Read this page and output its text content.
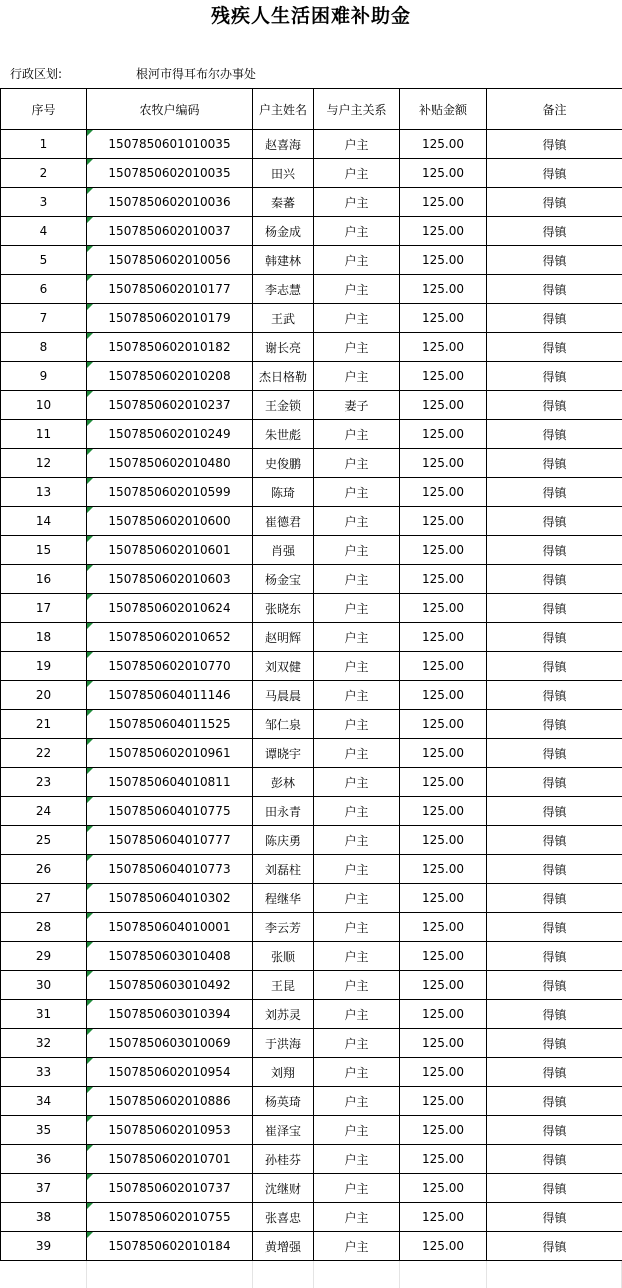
残疾人生活困难补助金
行政区划:	根河市得耳布尔办事处
序号	农牧户编码	户主姓名	与户主关系	补贴金额	备注
1	150785060101​0035	赵喜海	户主	125.00	得镇
2	1507850602010035	田兴	户主	125.00	得镇
3	1507850602010036	秦蕃	户主	125.00	得镇
4	1507850602010037	杨金成	户主	125.00	得镇
5	1507850602010056	韩建林	户主	125.00	得镇
6	1507850602010177	李志慧	户主	125.00	得镇
7	1507850602010179	王武	户主	125.00	得镇
8	1507850602010182	谢长亮	户主	125.00	得镇
9	1507850602010208	杰日格勒	户主	125.00	得镇
10	1507850602010237	王金锁	妻子	125.00	得镇
11	1507850602010249	朱世彪	户主	125.00	得镇
12	1507850602010480	史俊鹏	户主	125.00	得镇
13	1507850602010599	陈琦	户主	125.00	得镇
14	1507850602010600	崔德君	户主	125.00	得镇
15	1507850602010601	肖强	户主	125.00	得镇
16	1507850602010603	杨金宝	户主	125.00	得镇
17	1507850602010624	张晓东	户主	125.00	得镇
18	1507850602010652	赵明辉	户主	125.00	得镇
19	1507850602010770	刘双健	户主	125.00	得镇
20	1507850604011146	马晨晨	户主	125.00	得镇
21	1507850604011525	邹仁泉	户主	125.00	得镇
22	1507850602010961	谭晓宇	户主	125.00	得镇
23	1507850604010811	彭林	户主	125.00	得镇
24	1507850604010775	田永青	户主	125.00	得镇
25	1507850604010777	陈庆勇	户主	125.00	得镇
26	1507850604010773	刘磊柱	户主	125.00	得镇
27	1507850604010302	程继华	户主	125.00	得镇
28	1507850604010001	李云芳	户主	125.00	得镇
29	1507850603010408	张顺	户主	125.00	得镇
30	1507850603010492	王昆	户主	125.00	得镇
31	1507850603010394	刘苏灵	户主	125.00	得镇
32	1507850603010069	于洪海	户主	125.00	得镇
33	1507850602010954	刘翔	户主	125.00	得镇
34	1507850602010886	杨英琦	户主	125.00	得镇
35	1507850602010953	崔泽宝	户主	125.00	得镇
36	1507850602010701	孙桂芬	户主	125.00	得镇
37	1507850602010737	沈继财	户主	125.00	得镇
38	1507850602010755	张喜忠	户主	125.00	得镇
39	1507850602010184	黄增强	户主	125.00	得镇
